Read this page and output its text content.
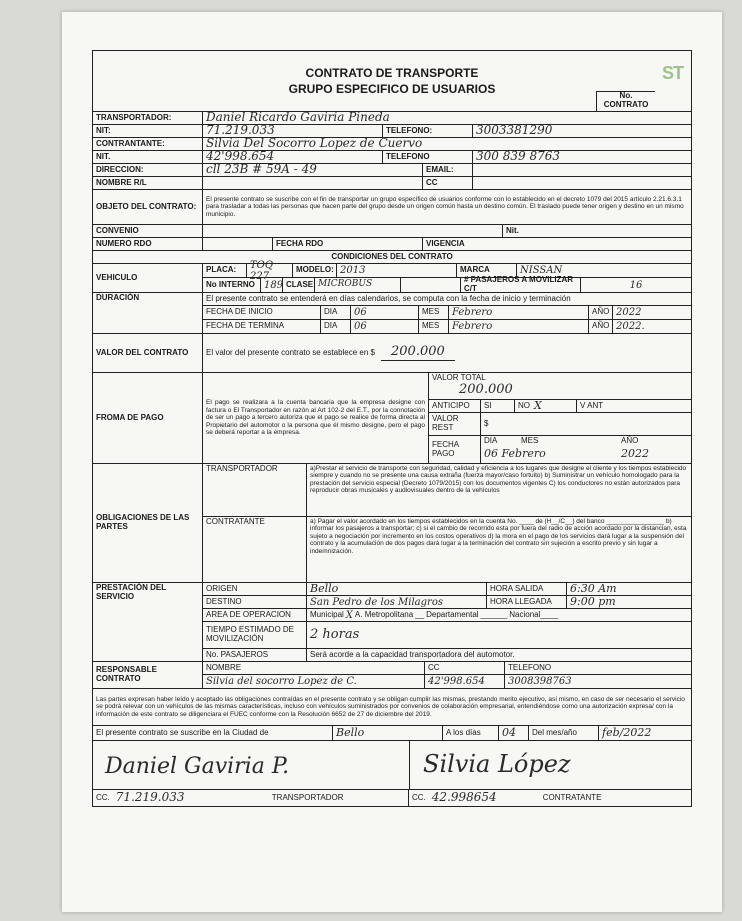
CONTRATO DE TRANSPORTE
GRUPO ESPECIFICO DE USUARIOS
ST
No. CONTRATO
TRANSPORTADOR:	Daniel Ricardo Gaviria Pineda
NIT:	71.219.033	TELEFONO:	3003381290
CONTRANTANTE:	Silvia Del Socorro Lopez de Cuervo
NIT.	42'998.654	TELEFONO	300 839 8763
DIRECCION:	cll 23B # 59A - 49	EMAIL:
NOMBRE R/L	CC
OBJETO DEL CONTRATO:
El presente contrato se suscribe con el fin de transportar un grupo específico de usuarios conforme con lo establecido en el decreto 1079 del 2015 artículo 2.21.6.3.1 para trasladar a todas las personas que hacen parte del grupo desde un origen común hasta un destino común. El traslado puede tener origen y destino en un mismo municipio.
CONVENIO	Nit.
NUMERO RDO	FECHA RDO	VIGENCIA
CONDICIONES DEL CONTRATO
VEHICULO
PLACA:	TOQ 227
MODELO: 2013	MARCA	NISSAN
No INTERNO 189 CLASE: MICROBUS	# PASAJEROS A MOVILIZAR C/T	16
DURACIÓN	El presente contrato se entenderá en días calendarios, se computa con la fecha de inicio y terminación
FECHA DE INICIO	DIA	06	MES	Febrero	AÑO 2022
FECHA DE TERMINA	DIA	06	MES	Febrero	AÑO 2022.
VALOR DEL CONTRATO	El valor del presente contrato se establece en $	200.000
FROMA DE PAGO
El pago se realizara a la cuenta bancaria que la empresa designe con factura o El Transportador en razón al Art 102-2 del E.T., por la connotación de ser un pago a tercero autoriza que el pago se realice de forma directa al Propietario del automotor o la persona que él mismo designe, pero el pago se deberá reportar a la empresa.
VALOR TOTAL
200.000
ANTICIPO	SI	NO X	V ANT
VALOR REST	$
FECHA PAGO
DIA	MES	AÑO
06 Febrero	2022
OBLIGACIONES DE LAS PARTES
TRANSPORTADOR	a)Prestar el servicio de transporte con seguridad, calidad y eficiencia a los lugares que designe el cliente y los tiempos establecido siempre y cuando no se presente una causa extraña (fuerza mayor/caso fortuito) b) Suministrar un vehículo homologado para la prestación del servicio especial (Decreto 1079/2015) con los documentos vigentes C) los conductores no están autorizados para reproducir obras musicales y audiovisuales dentro de la vehículos
CONTRATANTE	a) Pagar el valor acordado en los tiempos establecidos en la cuenta No. ____ de (H__/C__) del banco ________________ b) informar los pasajeros a transportar; c) si el cambio de recorrido esta por fuera del radio de acción acordado por la distancian, esta sujeto a negociación por incremento en los costos operativos d) la mora en el pago de los servicios dará lugar a la suspensión del contrato y la acumulación de dos pagos dará lugar a la terminación del contrato sin sujeción a escrito previo y sin lugar a indemnización.
PRESTACIÓN DEL SERVICIO
ORIGEN	Bello	HORA SALIDA	6:30 Am
DESTINO	San Pedro de los Milagros	HORA LLEGADA	9:00 pm
AREA DE OPERACION	Municipal X A. Metropolitana __ Departamental ______ Nacional ____
TIEMPO ESTIMADO DE MOVILIZACIÓN	2 horas
No. PASAJEROS	Será acorde a la capacidad transportadora del automotor.
RESPONSABLE CONTRATO
NOMBRE	CC	TELEFONO
Silvia del socorro Lopez de C.	42'998.654	3008398763
Las partes expresan haber leído y aceptado las obligaciones contraídas en el presente contrato y se obligan cumplir las mismas, prestando merito ejecutivo, así mismo, en caso de ser necesario el servicio se podrá relevar con un vehículos de las mismas características, incluso con vehículos suministrados por convenios de colaboración empresarial, entendiéndose como una autorización expresa/ con la información de este contrato se diligenciara el FUEC conforme con la Resolución 6652 de 27 de diciembre del 2019.
El presente contrato se suscribe en la Ciudad de	Bello	A los días	04	Del mes/año	feb/2022
Daniel Gaviria P.	Silvia López
CC. 71.219.033	TRANSPORTADOR	CC. 42.998654	CONTRATANTE
